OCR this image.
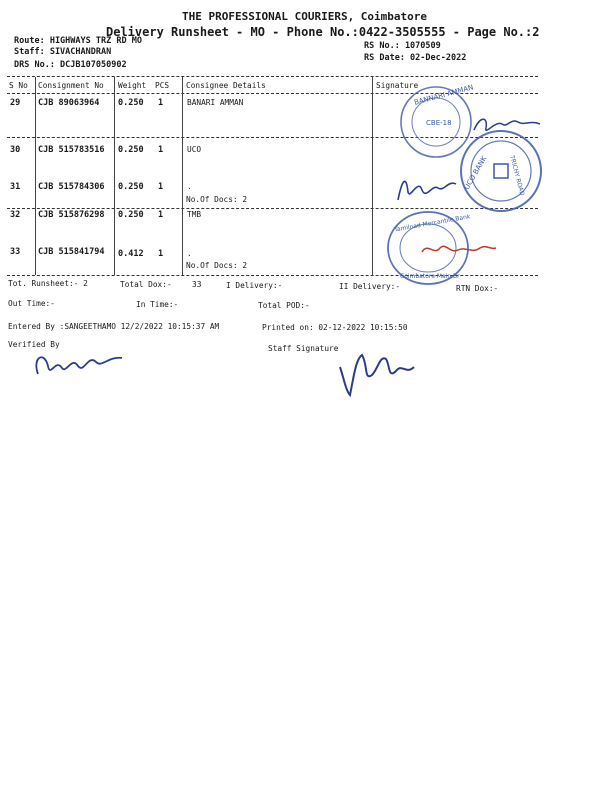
THE PROFESSIONAL COURIERS, Coimbatore
Delivery Runsheet - MO - Phone No.:0422-3505555 - Page No.:2
Route: HIGHWAYS TRZ RD MO
Staff: SIVACHANDRAN
DRS No.: DCJB107050902
RS No.: 1070509
RS Date: 02-Dec-2022
S No Consignment No Weight PCS Consignee Details	Signature
29 CJB 89063964 0.250 1	BANARI AMMAN
30 CJB 515783516 0.250 1	UCO
31 CJB 515784306 0.250 1	.
No.Of Docs: 2
32 CJB 515876298 0.250 1	TMB
33 CJB 515841794 0.412 1	.
No.Of Docs: 2
Tot. Runsheet:- 2	Total Dox:-	33	I Delivery:-	II Delivery:-	RTN Dox:-
Out Time:-	In Time:-	Total POD:-
Entered By :SANGEETHAMO 12/2/2022 10:15:37 AM	Printed on: 02-12-2022 10:15:50
Verified By	Staff Signature
BANNARI AMMAN
CBE-18
UCO BANK	TRICHY ROAD
Tamilnad Mercantile Bank
Coimbatore Main Br
